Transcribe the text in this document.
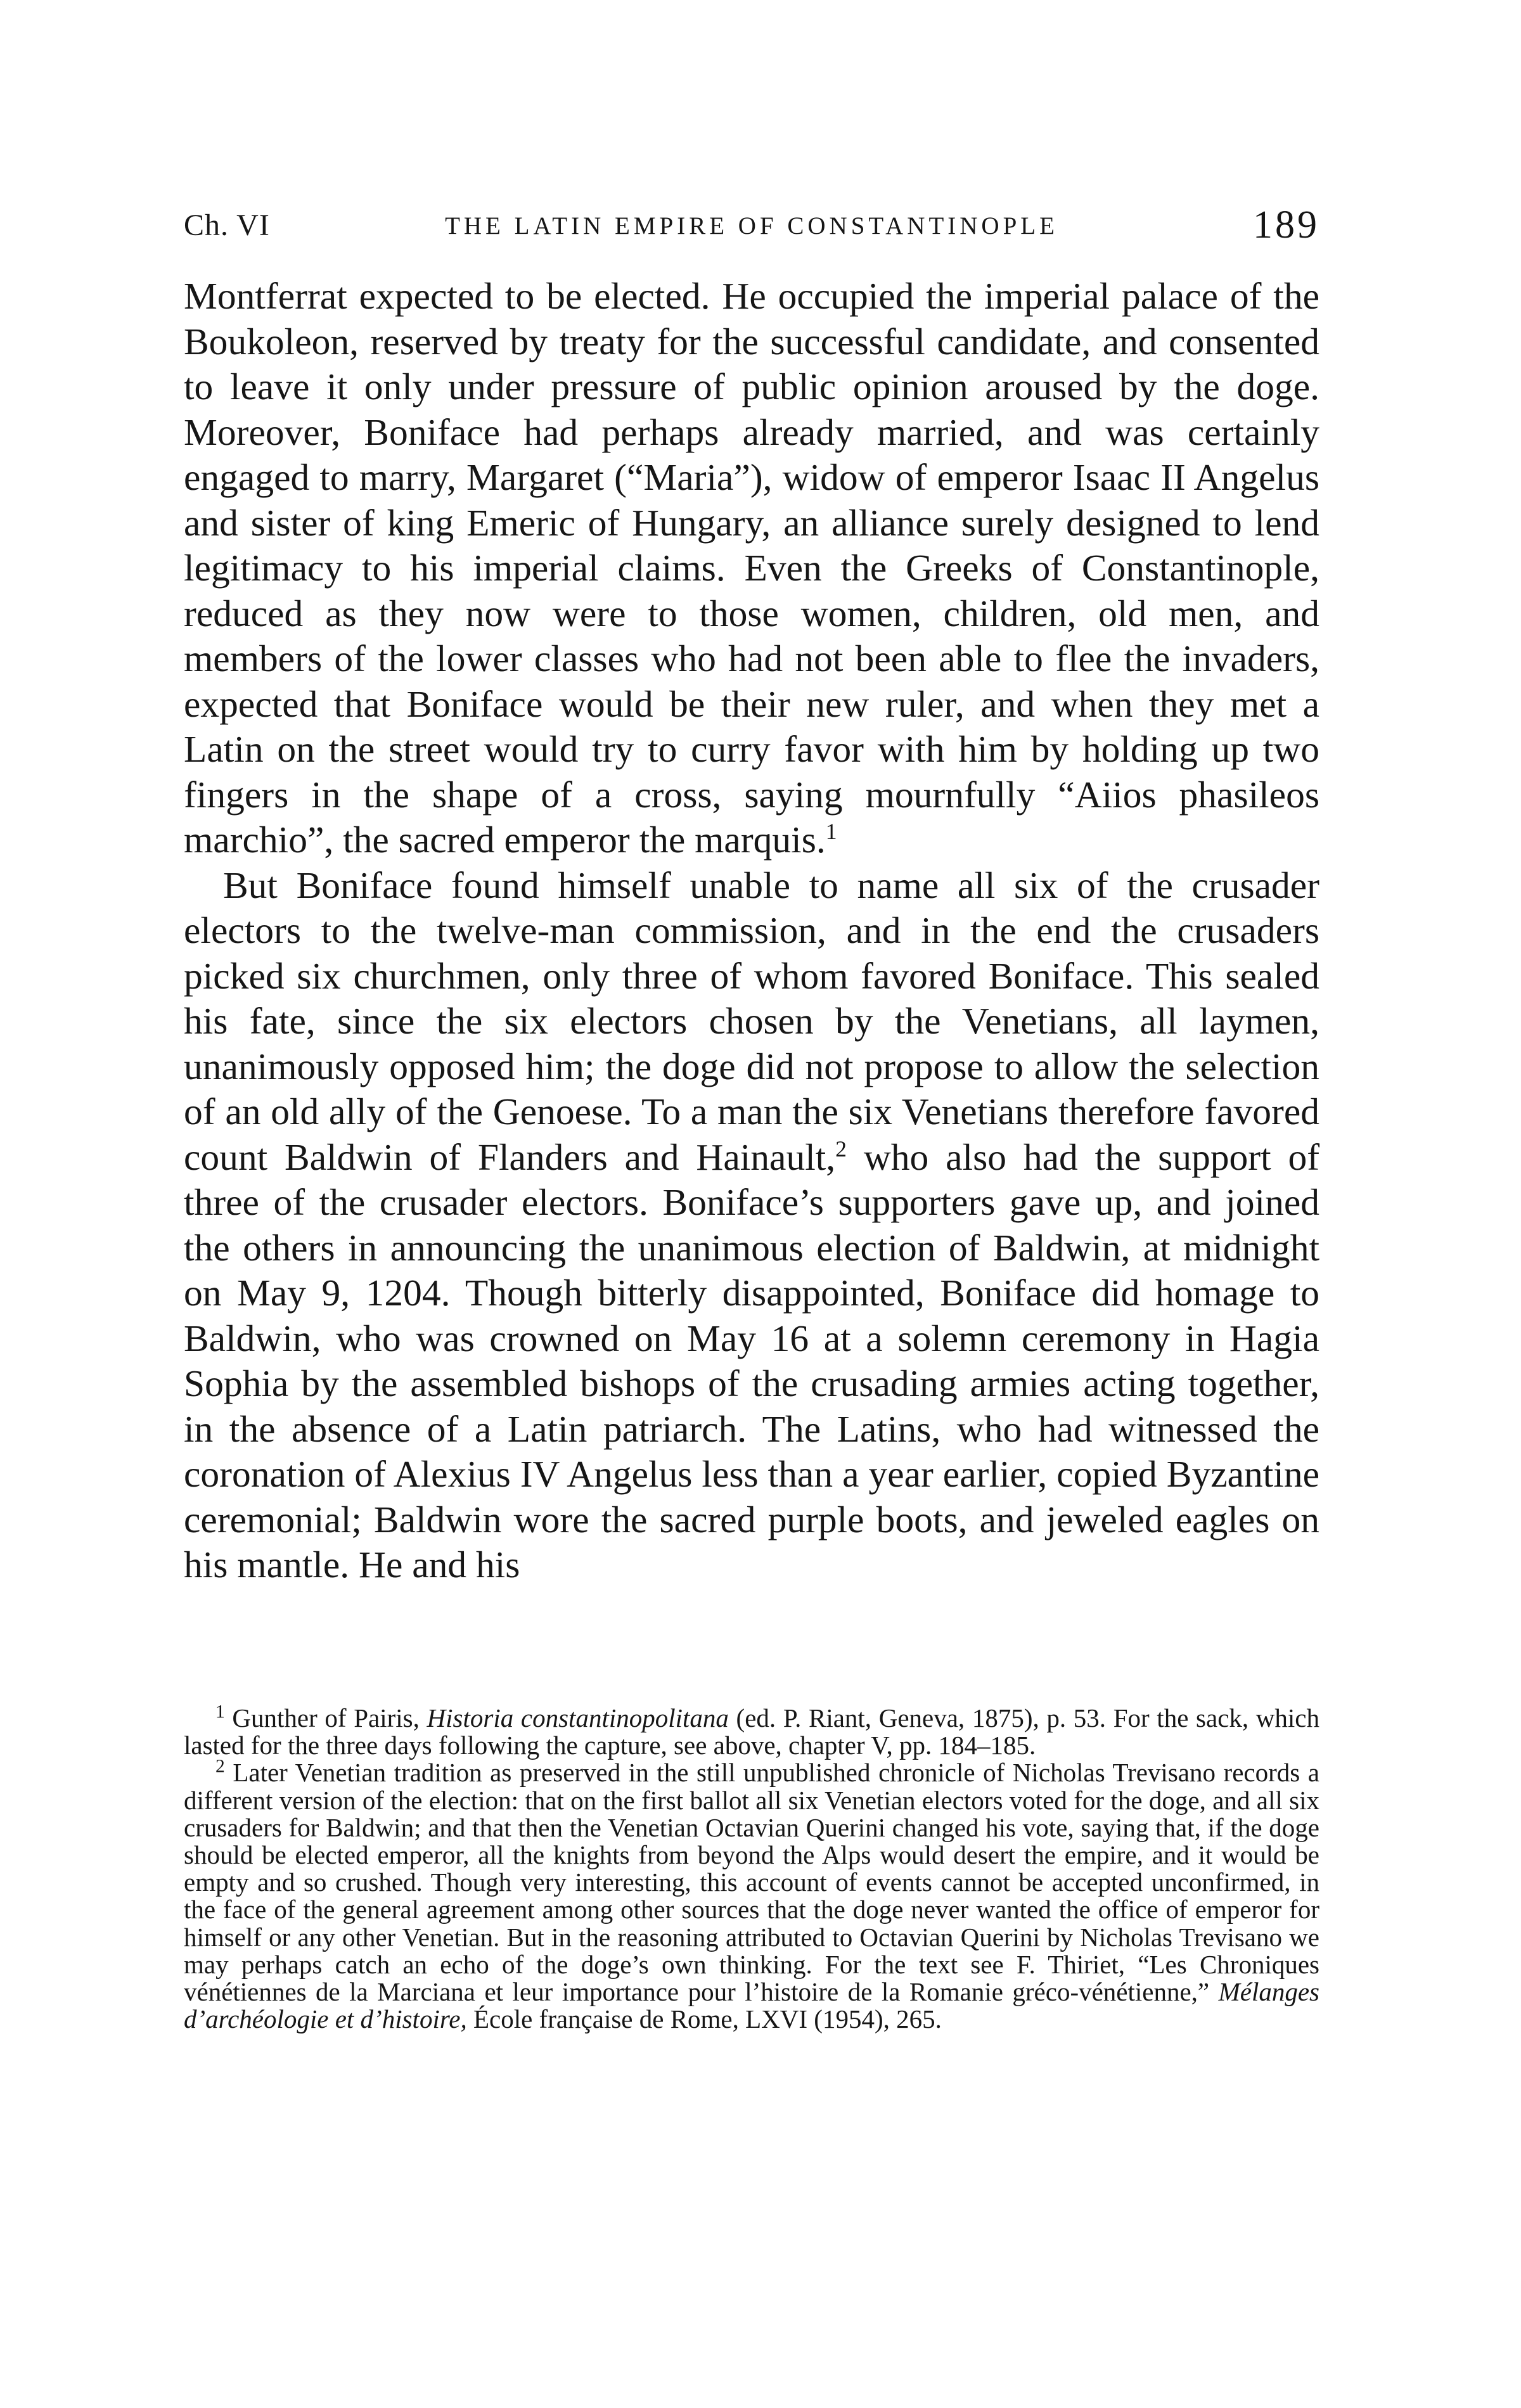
Ch. VI	THE LATIN EMPIRE OF CONSTANTINOPLE	189

Montferrat expected to be elected. He occupied the imperial palace of the Boukoleon, reserved by treaty for the successful candidate, and consented to leave it only under pressure of public opinion aroused by the doge. Moreover, Boniface had perhaps already married, and was certainly engaged to marry, Margaret (“Maria”), widow of emperor Isaac II Angelus and sister of king Emeric of Hungary, an alliance surely designed to lend legitimacy to his imperial claims. Even the Greeks of Constantinople, reduced as they now were to those women, children, old men, and members of the lower classes who had not been able to flee the invaders, expected that Boniface would be their new ruler, and when they met a Latin on the street would try to curry favor with him by holding up two fingers in the shape of a cross, saying mournfully “Aiios phasileos marchio”, the sacred emperor the marquis.$^1$

But Boniface found himself unable to name all six of the crusader electors to the twelve-man commission, and in the end the crusaders picked six churchmen, only three of whom favored Boniface. This sealed his fate, since the six electors chosen by the Venetians, all laymen, unanimously opposed him; the doge did not propose to allow the selection of an old ally of the Genoese. To a man the six Venetians therefore favored count Baldwin of Flanders and Hainault,$^2$ who also had the support of three of the crusader electors. Boniface’s supporters gave up, and joined the others in announcing the unanimous election of Baldwin, at midnight on May 9, 1204. Though bitterly disappointed, Boniface did homage to Baldwin, who was crowned on May 16 at a solemn ceremony in Hagia Sophia by the assembled bishops of the crusading armies acting together, in the absence of a Latin patriarch. The Latins, who had witnessed the coronation of Alexius IV Angelus less than a year earlier, copied Byzantine ceremonial; Baldwin wore the sacred purple boots, and jeweled eagles on his mantle. He and his

$^1$ Gunther of Pairis, Historia constantinopolitana (ed. P. Riant, Geneva, 1875), p. 53. For the sack, which lasted for the three days following the capture, see above, chapter V, pp. 184–185.

$^2$ Later Venetian tradition as preserved in the still unpublished chronicle of Nicholas Trevisano records a different version of the election: that on the first ballot all six Venetian electors voted for the doge, and all six crusaders for Baldwin; and that then the Venetian Octavian Querini changed his vote, saying that, if the doge should be elected emperor, all the knights from beyond the Alps would desert the empire, and it would be empty and so crushed. Though very interesting, this account of events cannot be accepted unconfirmed, in the face of the general agreement among other sources that the doge never wanted the office of emperor for himself or any other Venetian. But in the reasoning attributed to Octavian Querini by Nicholas Trevisano we may perhaps catch an echo of the doge’s own thinking. For the text see F. Thiriet, “Les Chroniques vénétiennes de la Marciana et leur importance pour l’histoire de la Romanie gréco-vénétienne,” Mélanges d’archéologie et d’histoire, École française de Rome, LXVI (1954), 265.
